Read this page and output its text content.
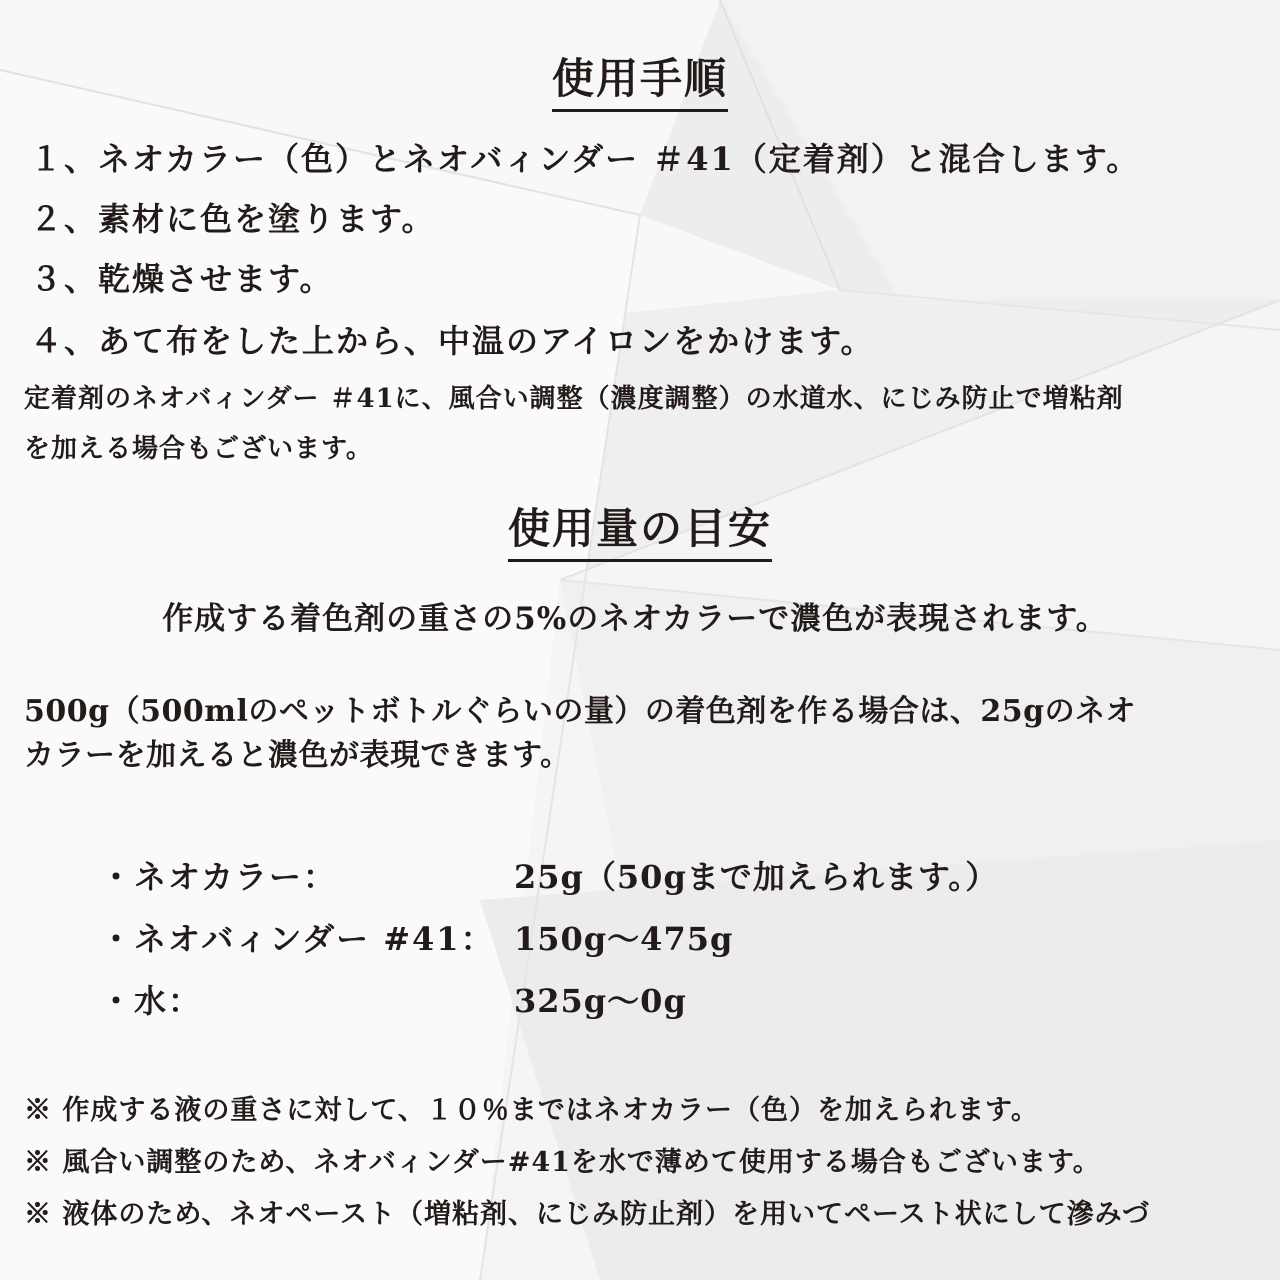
使用手順
１、ネオカラー（色）とネオバィンダー ＃41（定着剤）と混合します。
２、素材に色を塗ります。
３、乾燥させます。
４、あて布をした上から、中温のアイロンをかけます。
定着剤のネオバィンダー ＃41に、風合い調整（濃度調整）の水道水、にじみ防止で増粘剤
を加える場合もございます。
使用量の目安
作成する着色剤の重さの5%のネオカラーで濃色が表現されます。
500g（500mlのペットボトルぐらいの量）の着色剤を作る場合は、25gのネオ
カラーを加えると濃色が表現できます。
・ネオカラー：	25g（50gまで加えられます。）
・ネオバィンダー #41： 150g〜475g
・水：	325g〜0g
※ 作成する液の重さに対して、１０％まではネオカラー（色）を加えられます。
※ 風合い調整のため、ネオバィンダー#41を水で薄めて使用する場合もございます。
※ 液体のため、ネオペースト（増粘剤、にじみ防止剤）を用いてペースト状にして滲みづ
